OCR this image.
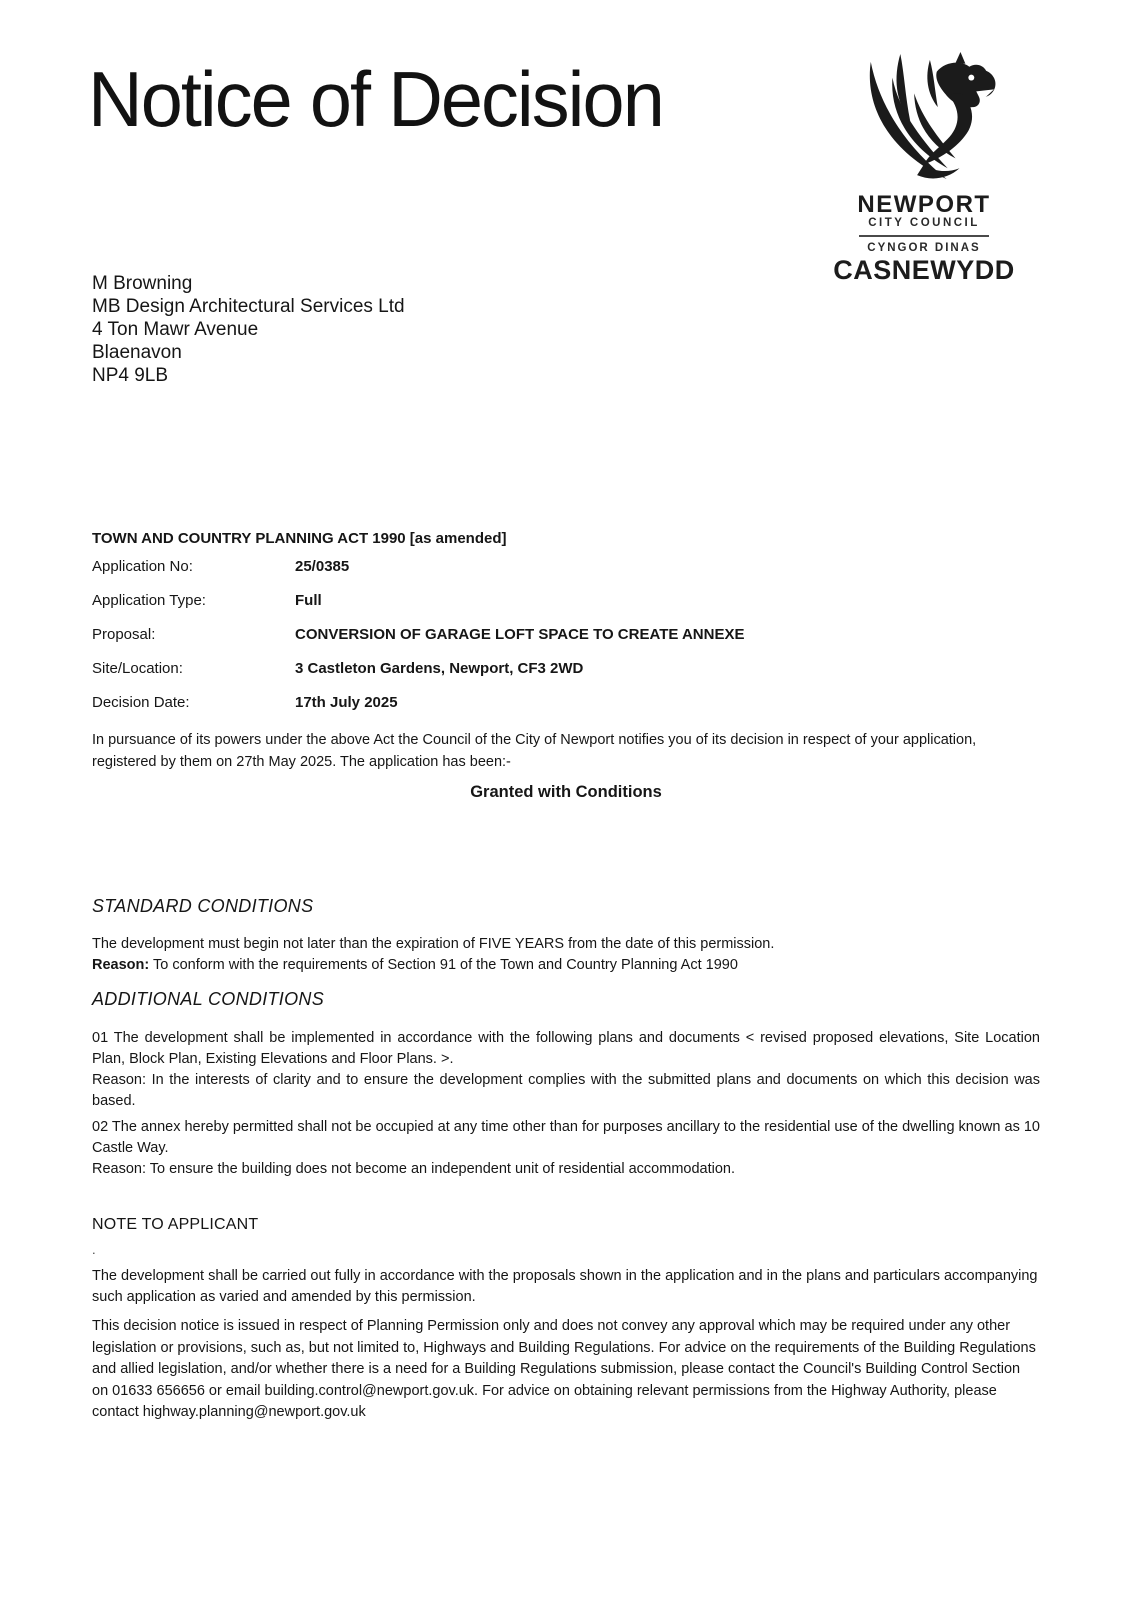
Notice of Decision
NEWPORT
CITY COUNCIL
CYNGOR DINAS
CASNEWYDD
M Browning
MB Design Architectural Services Ltd
4 Ton Mawr Avenue
Blaenavon
NP4 9LB
TOWN AND COUNTRY PLANNING ACT 1990 [as amended]
Application No:	25/0385
Application Type:	Full
Proposal:	CONVERSION OF GARAGE LOFT SPACE TO CREATE ANNEXE
Site/Location:	3 Castleton Gardens, Newport, CF3 2WD
Decision Date:	17th July 2025

In pursuance of its powers under the above Act the Council of the City of Newport notifies you of its decision in respect of your application, registered by them on 27th May 2025. The application has been:-

Granted with Conditions
STANDARD CONDITIONS

The development must begin not later than the expiration of FIVE YEARS from the date of this permission.
Reason: To conform with the requirements of Section 91 of the Town and Country Planning Act 1990

ADDITIONAL CONDITIONS
01 The development shall be implemented in accordance with the following plans and documents < revised proposed elevations, Site Location Plan, Block Plan, Existing Elevations and Floor Plans. >.
Reason: In the interests of clarity and to ensure the development complies with the submitted plans and documents on which this decision was based.
02 The annex hereby permitted shall not be occupied at any time other than for purposes ancillary to the residential use of the dwelling known as 10 Castle Way.
Reason: To ensure the building does not become an independent unit of residential accommodation.
NOTE TO APPLICANT
.

The development shall be carried out fully in accordance with the proposals shown in the application and in the plans and particulars accompanying such application as varied and amended by this permission.

This decision notice is issued in respect of Planning Permission only and does not convey any approval which may be required under any other legislation or provisions, such as, but not limited to, Highways and Building Regulations. For advice on the requirements of the Building Regulations and allied legislation, and/or whether there is a need for a Building Regulations submission, please contact the Council's Building Control Section on 01633 656656 or email building.control@newport.gov.uk. For advice on obtaining relevant permissions from the Highway Authority, please contact highway.planning@newport.gov.uk
